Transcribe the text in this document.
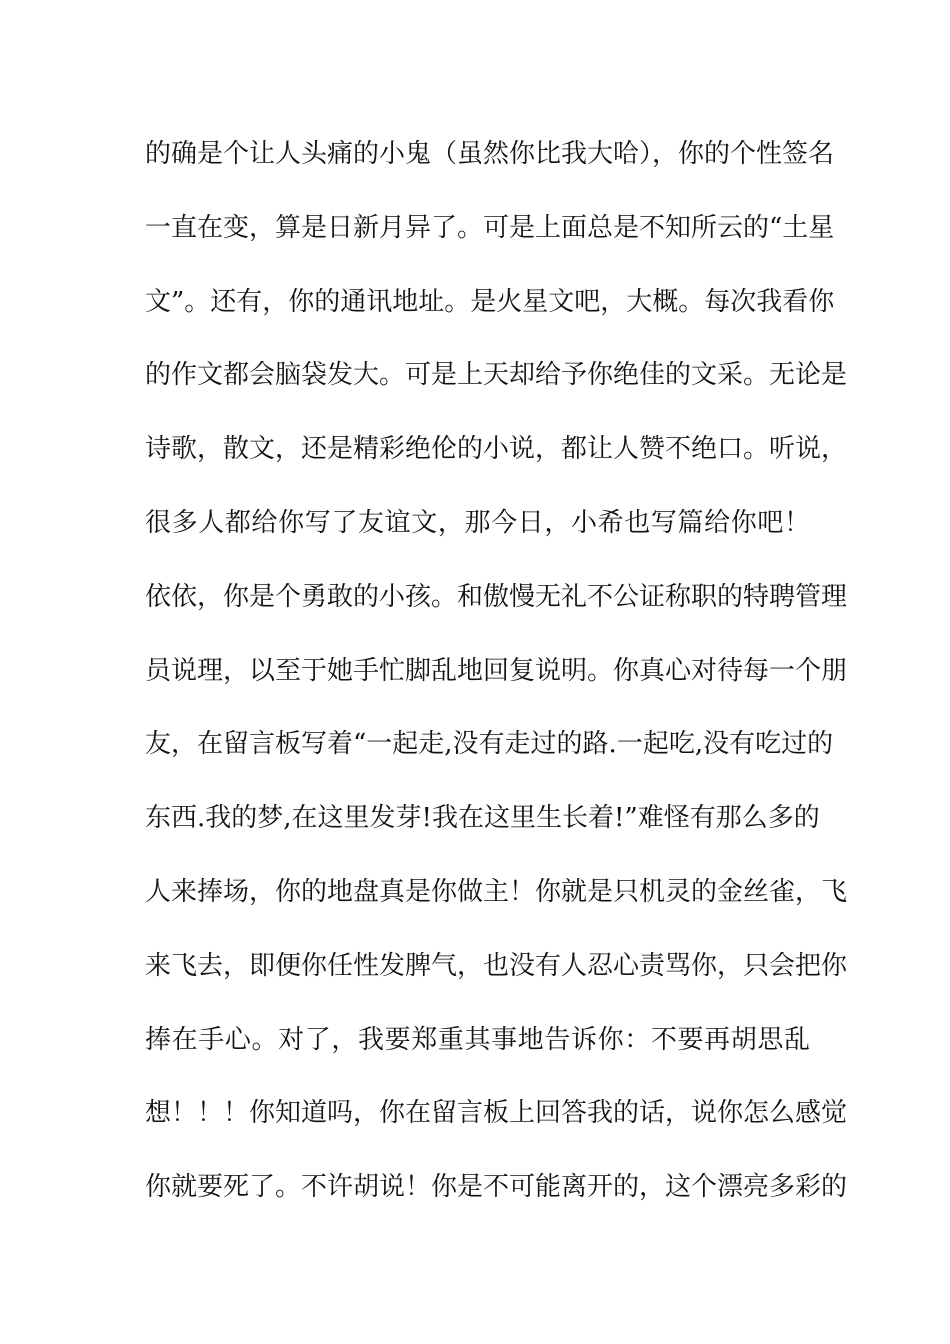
的确是个让人头痛的小鬼（虽然你比我大哈），你的个性签名
一直在变，算是日新月异了。可是上面总是不知所云的“土星
文”。还有，你的通讯地址。是火星文吧，大概。每次我看你
的作文都会脑袋发大。可是上天却给予你绝佳的文采。无论是
诗歌，散文，还是精彩绝伦的小说，都让人赞不绝口。听说，
很多人都给你写了友谊文，那今日，小希也写篇给你吧！
依依，你是个勇敢的小孩。和傲慢无礼不公证称职的特聘管理
员说理，以至于她手忙脚乱地回复说明。你真心对待每一个朋
友，在留言板写着“一起走,没有走过的路.一起吃,没有吃过的
东西.我的梦,在这里发芽!我在这里生长着!”难怪有那么多的
人来捧场，你的地盘真是你做主！你就是只机灵的金丝雀，飞
来飞去，即便你任性发脾气，也没有人忍心责骂你，只会把你
捧在手心。对了，我要郑重其事地告诉你：不要再胡思乱
想！！！你知道吗，你在留言板上回答我的话，说你怎么感觉
你就要死了。不许胡说！你是不可能离开的，这个漂亮多彩的
